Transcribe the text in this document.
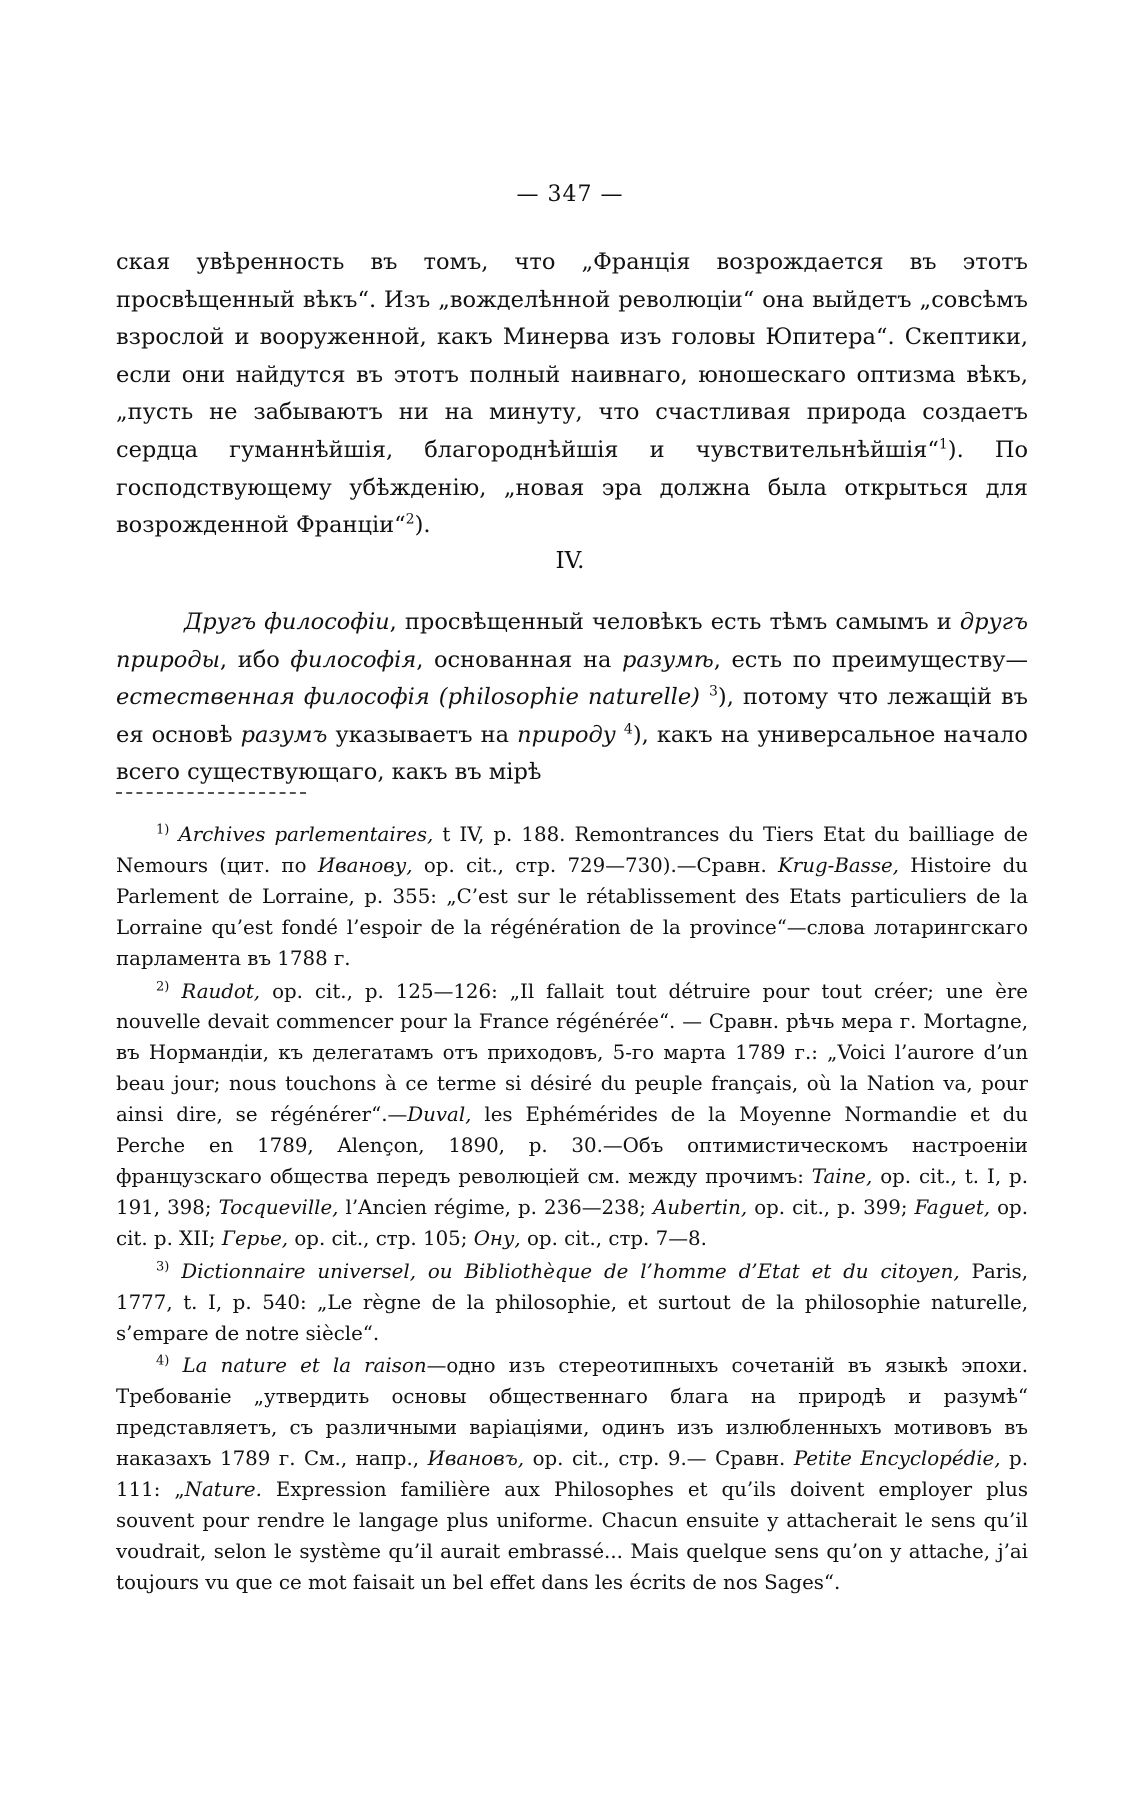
— 347 —

ская увѣренность въ томъ, что „Францiя возрождается въ этотъ просвѣщенный вѣкъ“. Изъ „вожделѣнной революцiи“ она выйдетъ „совсѣмъ взрослой и вооруженной, какъ Минерва изъ головы Юпитера“. Скептики, если они найдутся въ этотъ полный наивнаго, юношескаго оптизма вѣкъ, „пусть не забываютъ ни на минуту, что счастливая природа создаетъ сердца гуманнѣйшiя, благороднѣйшiя и чувствительнѣйшiя“$^1$). По господствующему убѣжденiю, „новая эра должна была открыться для возрожденной Францiи“$^2$).

IV.

Другъ философiи, просвѣщенный человѣкъ есть тѣмъ самымъ и другъ природы, ибо философiя, основанная на разумѣ, есть по преимуществу—естественная философiя (philosophie naturelle) $^3$), потому что лежащiй въ ея основѣ разумъ указываетъ на природу $^4$), какъ на универсальное начало всего существующаго, какъ въ мiрѣ

$^{1)}$ Archives parlementaires, t IV, p. 188. Remontrances du Tiers Etat du bailliage de Nemours (цит. по Иванову, op. cit., стр. 729—730).—Сравн. Krug-Basse, Histoire du Parlement de Lorraine, p. 355: „C’est sur le rétablissement des Etats particuliers de la Lorraine qu’est fondé l’espoir de la régénération de la province“—слова лотарингскаго парламента въ 1788 г.

$^{2)}$ Raudot, op. cit., p. 125—126: „Il fallait tout détruire pour tout créer; une ère nouvelle devait commencer pour la France régénérée“. — Сравн. рѣчь мера г. Mortagne, въ Нормандiи, къ делегатамъ отъ приходовъ, 5-го марта 1789 г.: „Voici l’aurore d’un beau jour; nous touchons à ce terme si désiré du peuple français, où la Nation va, pour ainsi dire, se régénérer“.—Duval, les Ephémérides de la Moyenne Normandie et du Perche en 1789, Alençon, 1890, p. 30.—Объ оптимистическомъ настроенiи французскаго общества передъ революцiей см. между прочимъ: Taine, op. cit., t. I, p. 191, 398; Tocqueville, l’Ancien régime, p. 236—238; Aubertin, op. cit., p. 399; Faguet, op. cit. p. XII; Герье, op. cit., стр. 105; Ону, op. cit., стр. 7—8.

$^{3)}$ Dictionnaire universel, ou Bibliothèque de l’homme d’Etat et du citoyen, Paris, 1777, t. I, p. 540: „Le règne de la philosophie, et surtout de la philosophie naturelle, s’empare de notre siècle“.

$^{4)}$ La nature et la raison—одно изъ стереотипныхъ сочетанiй въ языкѣ эпохи. Требованiе „утвердить основы общественнаго блага на природѣ и разумѣ“ представляетъ, съ различными варiацiями, одинъ изъ излюбленныхъ мотивовъ въ наказахъ 1789 г. См., напр., Ивановъ, op. cit., стр. 9.— Сравн. Petite Encyclopédie, p. 111: „Nature. Expression familière aux Philosophes et qu’ils doivent employer plus souvent pour rendre le langage plus uniforme. Chacun ensuite y attacherait le sens qu’il voudrait, selon le système qu’il aurait embrassé... Mais quelque sens qu’on y attache, j’ai toujours vu que ce mot faisait un bel effet dans les écrits de nos Sages“.
